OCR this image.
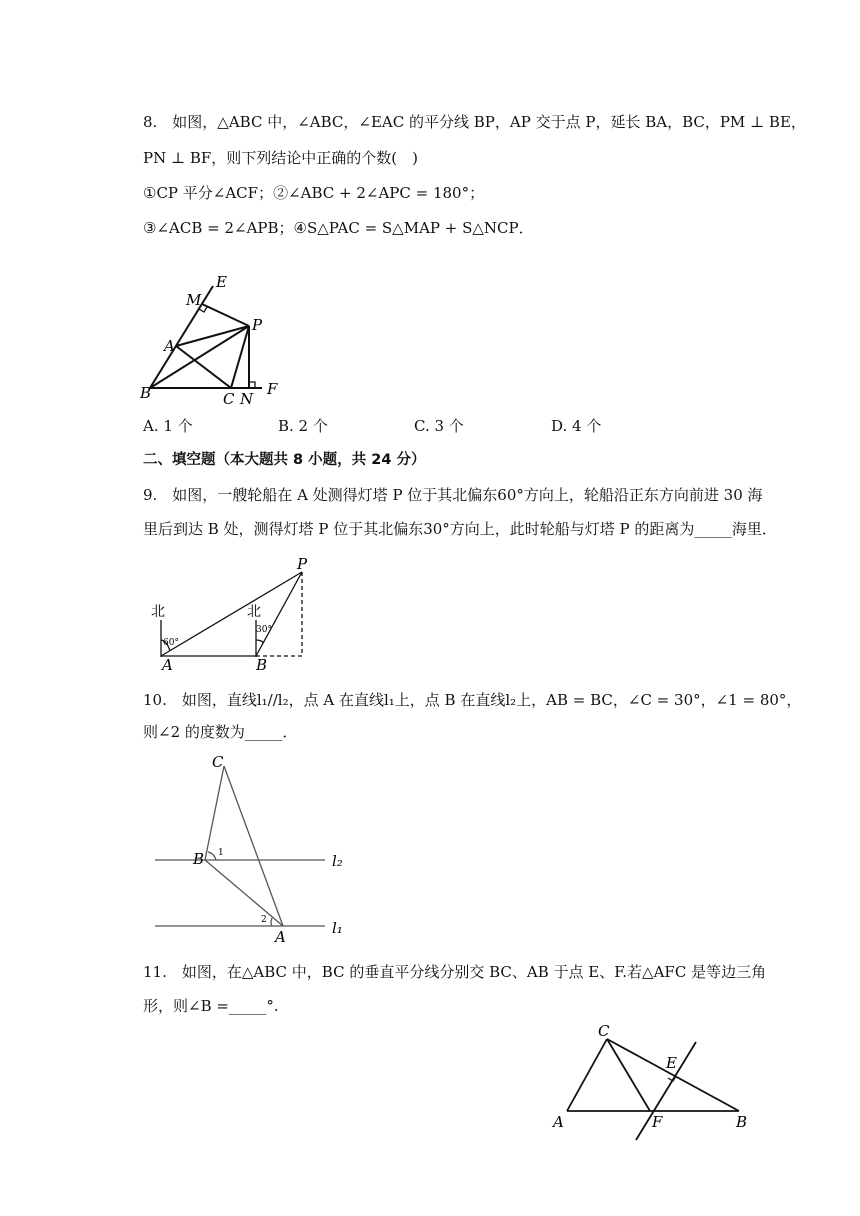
8.　如图，△ABC 中，∠ABC，∠EAC 的平分线 BP，AP 交于点 P，延长 BA，BC，PM ⊥ BE，
PN ⊥ BF，则下列结论中正确的个数(　)
①CP 平分∠ACF；②∠ABC + 2∠APC = 180°；
③∠ACB = 2∠APB；④S△PAC = S△MAP + S△NCP．
E
M
A
P
B	C N
F
北	北
60°
30°
A	B
P
C
B
A
1
2
l₂
l₁
C
E
A	F	B
A. 1 个	B. 2 个	C. 3 个	D. 4 个
二、填空题（本大题共 8 小题，共 24 分）
9.　如图，一艘轮船在 A 处测得灯塔 P 位于其北偏东60°方向上，轮船沿正东方向前进 30 海
里后到达 B 处，测得灯塔 P 位于其北偏东30°方向上，此时轮船与灯塔 P 的距离为_____海里．
10.　如图，直线l₁//l₂，点 A 在直线l₁上，点 B 在直线l₂上，AB = BC，∠C = 30°，∠1 = 80°，
则∠2 的度数为_____．
11.　如图，在△ABC 中，BC 的垂直平分线分别交 BC、AB 于点 E、F.若△AFC 是等边三角
形，则∠B =_____°.
